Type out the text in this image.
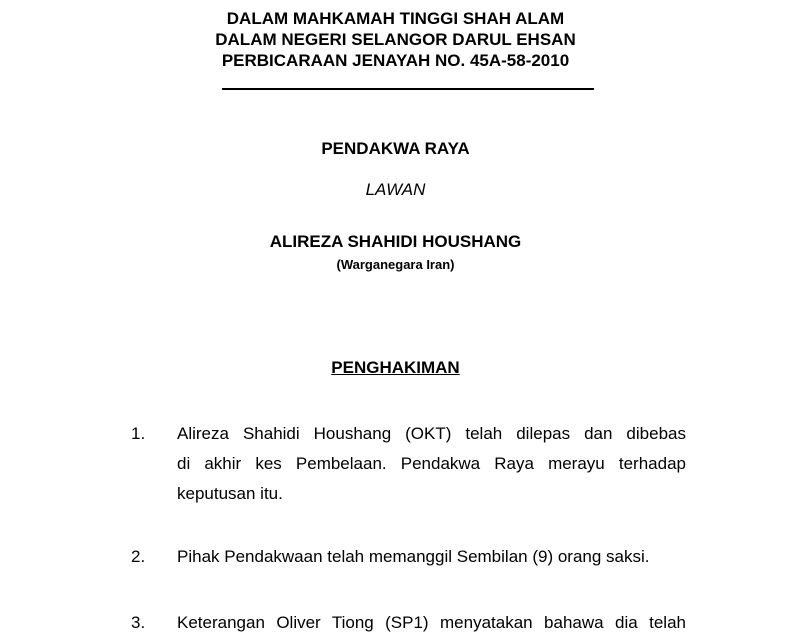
DALAM MAHKAMAH TINGGI SHAH ALAM
DALAM NEGERI SELANGOR DARUL EHSAN
PERBICARAAN JENAYAH NO. 45A-58-2010
PENDAKWA RAYA
LAWAN
ALIREZA SHAHIDI HOUSHANG
(Warganegara Iran)
PENGHAKIMAN
1. Alireza Shahidi Houshang (OKT) telah dilepas dan dibebas
di akhir kes Pembelaan. Pendakwa Raya merayu terhadap
keputusan itu.
2. Pihak Pendakwaan telah memanggil Sembilan (9) orang saksi.
3. Keterangan Oliver Tiong (SP1) menyatakan bahawa dia telah
